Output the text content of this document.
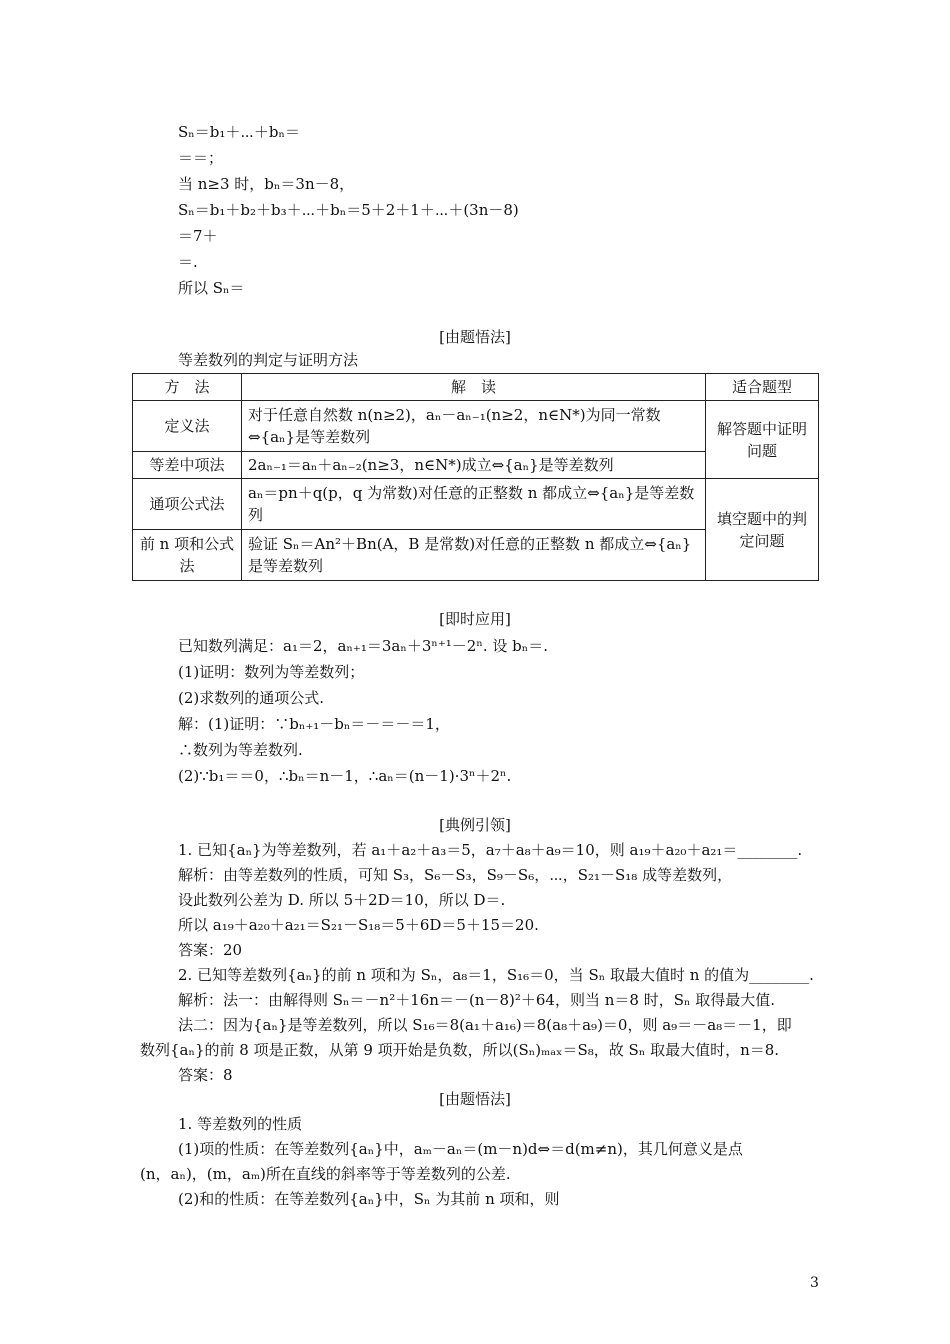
Sₙ＝b₁＋⋯＋bₙ＝
＝＝；
当 n≥3 时，bₙ＝3n－8，
Sₙ＝b₁＋b₂＋b₃＋⋯＋bₙ＝5＋2＋1＋⋯＋(3n－8)
＝7＋
＝.
所以 Sₙ＝
[由题悟法]
等差数列的判定与证明方法
方　法	解　读	适合题型
定义法	对于任意自然数 n(n≥2)，aₙ－aₙ₋₁(n≥2，n∈N*)为同一常数⇔{aₙ}是等差数列	解答题中证明问题
等差中项法	2aₙ₋₁＝aₙ＋aₙ₋₂(n≥3，n∈N*)成立⇔{aₙ}是等差数列	
通项公式法	aₙ＝pn＋q(p，q 为常数)对任意的正整数 n 都成立⇔{aₙ}是等差数列	填空题中的判定问题
前 n 项和公式法	验证 Sₙ＝An²＋Bn(A，B 是常数)对任意的正整数 n 都成立⇔{aₙ}是等差数列	
[即时应用]
已知数列满足：a₁＝2，aₙ₊₁＝3aₙ＋3ⁿ⁺¹－2ⁿ. 设 bₙ＝.
(1)证明：数列为等差数列；
(2)求数列的通项公式.
解：(1)证明：∵bₙ₊₁－bₙ＝－＝－＝1，
∴数列为等差数列.
(2)∵b₁＝＝0，∴bₙ＝n－1，∴aₙ＝(n－1)·3ⁿ＋2ⁿ.
[典例引领]
1. 已知{aₙ}为等差数列，若 a₁＋a₂＋a₃＝5，a₇＋a₈＋a₉＝10，则 a₁₉＋a₂₀＋a₂₁＝________.
解析：由等差数列的性质，可知 S₃，S₆－S₃，S₉－S₆，⋯，S₂₁－S₁₈ 成等差数列，
设此数列公差为 D. 所以 5＋2D＝10，所以 D＝.
所以 a₁₉＋a₂₀＋a₂₁＝S₂₁－S₁₈＝5＋6D＝5＋15＝20.
答案：20
2. 已知等差数列{aₙ}的前 n 项和为 Sₙ，a₈＝1，S₁₆＝0，当 Sₙ 取最大值时 n 的值为________.
解析：法一：由解得则 Sₙ＝－n²＋16n＝－(n－8)²＋64，则当 n＝8 时，Sₙ 取得最大值.
法二：因为{aₙ}是等差数列，所以 S₁₆＝8(a₁＋a₁₆)＝8(a₈＋a₉)＝0，则 a₉＝－a₈＝－1，即
数列{aₙ}的前 8 项是正数，从第 9 项开始是负数，所以(Sₙ)ₘₐₓ＝S₈，故 Sₙ 取最大值时，n＝8.
答案：8
[由题悟法]
1. 等差数列的性质
(1)项的性质：在等差数列{aₙ}中，aₘ－aₙ＝(m－n)d⇔＝d(m≠n)，其几何意义是点
(n，aₙ)，(m，aₘ)所在直线的斜率等于等差数列的公差.
(2)和的性质：在等差数列{aₙ}中，Sₙ 为其前 n 项和，则
3
